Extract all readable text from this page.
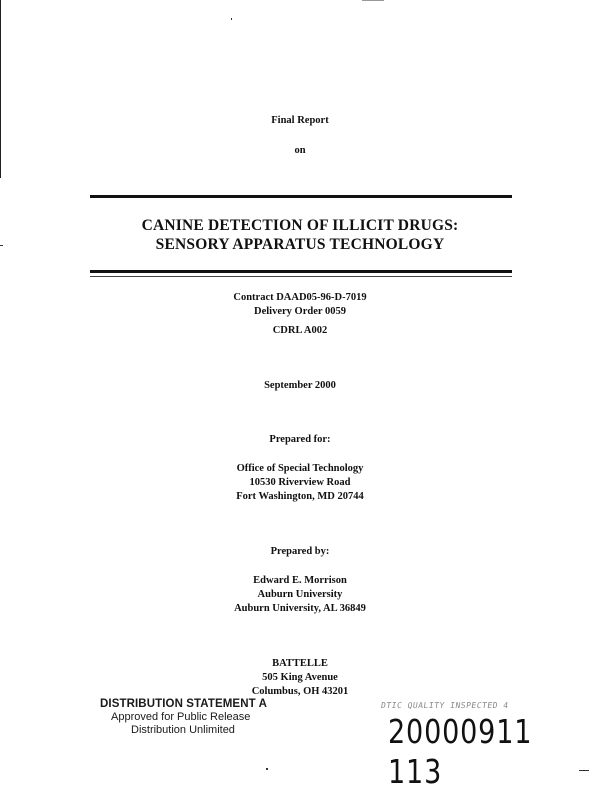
Final Report
on
CANINE DETECTION OF ILLICIT DRUGS:
SENSORY APPARATUS TECHNOLOGY
Contract DAAD05-96-D-7019
Delivery Order 0059
CDRL A002
September 2000
Prepared for:
Office of Special Technology
10530 Riverview Road
Fort Washington, MD 20744
Prepared by:
Edward E. Morrison
Auburn University
Auburn University, AL 36849
BATTELLE
505 King Avenue
Columbus, OH 43201
DISTRIBUTION STATEMENT A
Approved for Public Release
Distribution Unlimited
DTIC QUALITY INSPECTED 4
20000911 113
